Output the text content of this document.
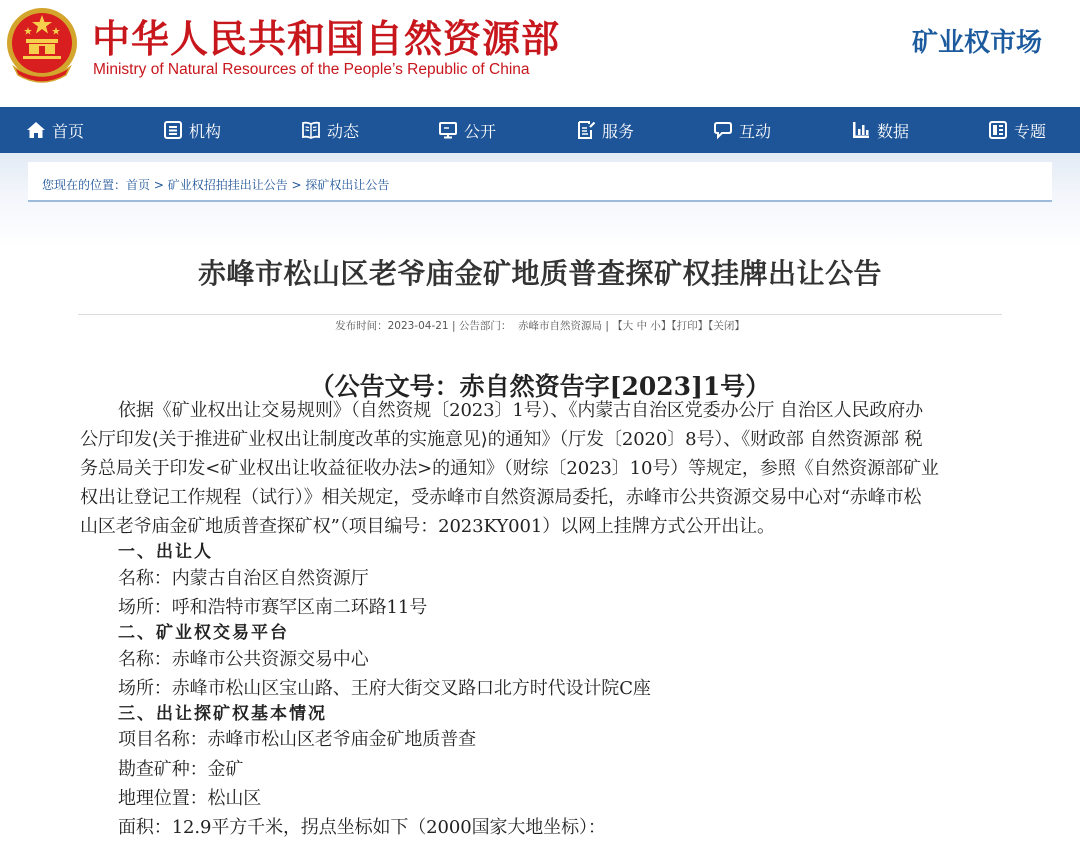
中华人民共和国自然资源部
Ministry of Natural Resources of the People’s Republic of China
矿业权市场
首页	机构	动态	公开	服务	互动	数据	专题
您现在的位置：首页 > 矿业权招拍挂出让公告 > 探矿权出让公告
赤峰市松山区老爷庙金矿地质普查探矿权挂牌出让公告
发布时间：2023-04-21 | 公告部门： 赤峰市自然资源局 | 【大 中 小】【打印】【关闭】
（公告文号：赤自然资告字[2023]1号）
依据《矿业权出让交易规则》（自然资规〔2023〕1号）、《内蒙古自治区党委办公厅 自治区人民政府办
公厅印发⟨关于推进矿业权出让制度改革的实施意见⟩的通知》（厅发〔2020〕8号）、《财政部 自然资源部 税
务总局关于印发<矿业权出让收益征收办法>的通知》（财综〔2023〕10号）等规定，参照《自然资源部矿业
权出让登记工作规程（试行）》相关规定，受赤峰市自然资源局委托，赤峰市公共资源交易中心对“赤峰市松
山区老爷庙金矿地质普查探矿权”（项目编号：2023KY001）以网上挂牌方式公开出让。
一、出让人
名称：内蒙古自治区自然资源厅
场所：呼和浩特市赛罕区南二环路11号
二、矿业权交易平台
名称：赤峰市公共资源交易中心
场所：赤峰市松山区宝山路、王府大街交叉路口北方时代设计院C座
三、出让探矿权基本情况
项目名称：赤峰市松山区老爷庙金矿地质普查
勘查矿种：金矿
地理位置：松山区
面积：12.9平方千米，拐点坐标如下（2000国家大地坐标）：
